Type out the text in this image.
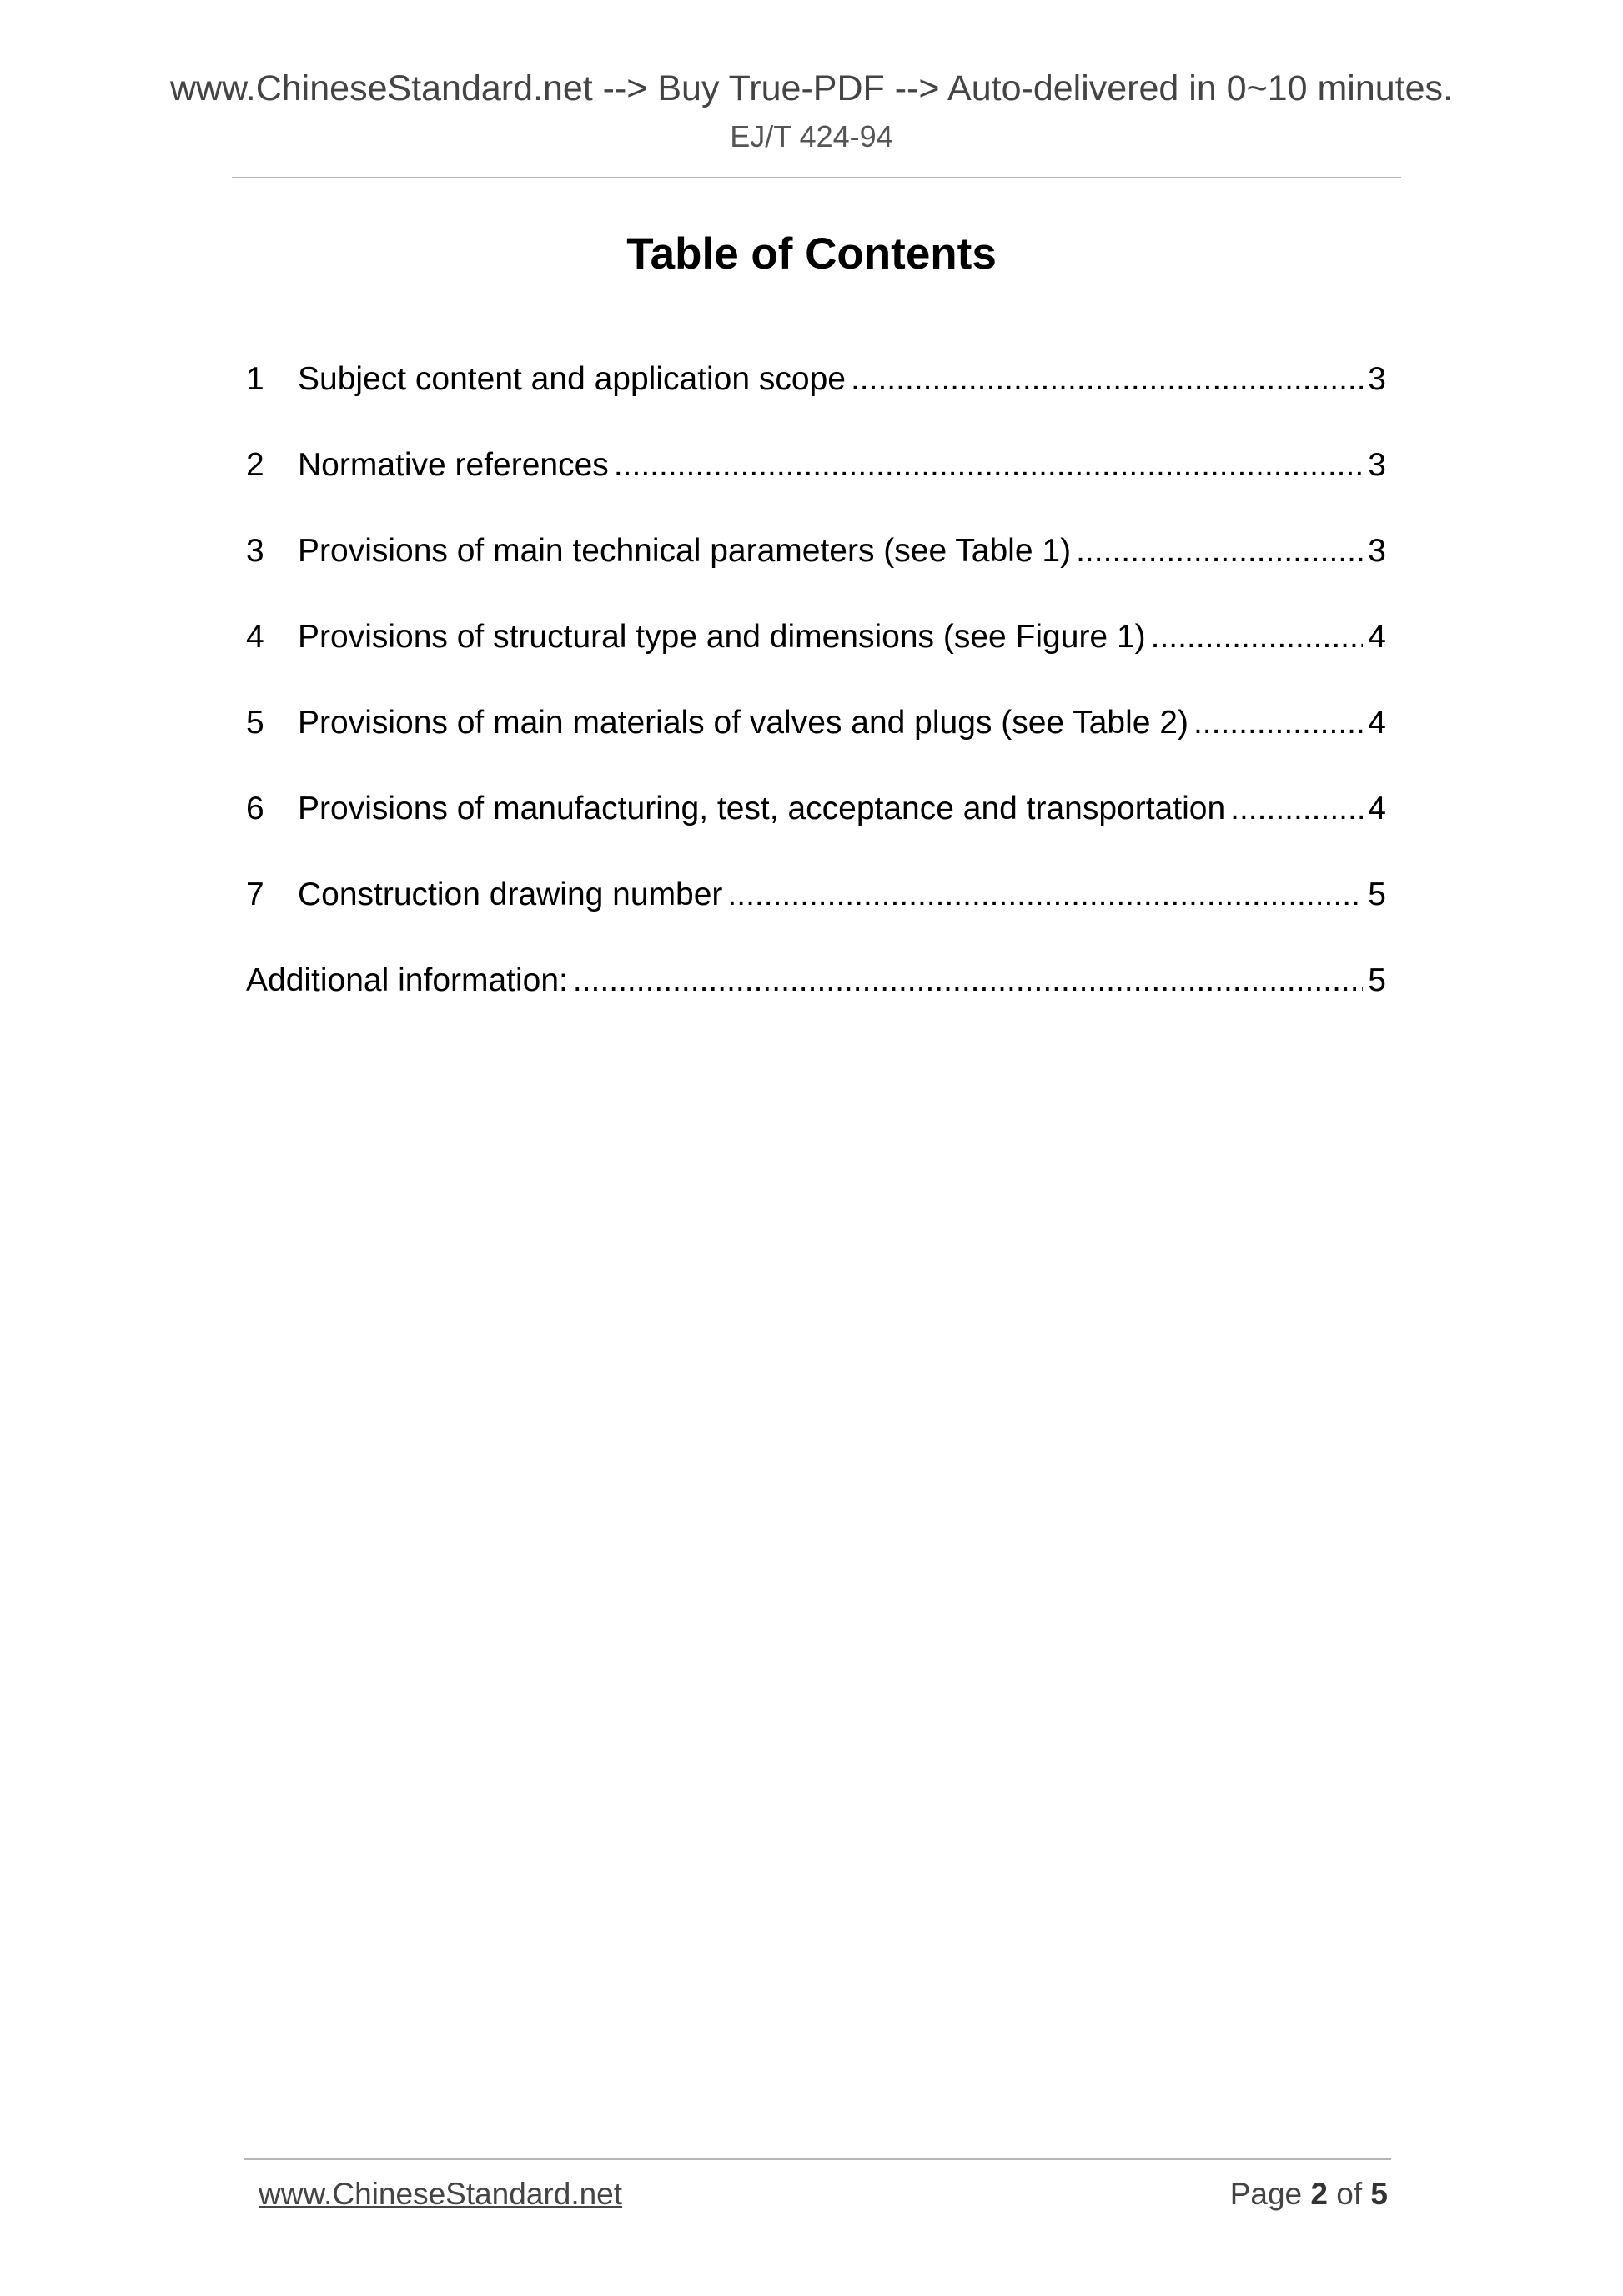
www.ChineseStandard.net --> Buy True-PDF --> Auto-delivered in 0~10 minutes.
EJ/T 424-94
Table of Contents
1	Subject content and application scope .....	3
2	Normative references .....	3
3	Provisions of main technical parameters (see Table 1) .....	3
4	Provisions of structural type and dimensions (see Figure 1) .....	4
5	Provisions of main materials of valves and plugs (see Table 2) .....	4
6	Provisions of manufacturing, test, acceptance and transportation .....	4
7	Construction drawing number .....	5
Additional information: .....	5
www.ChineseStandard.net	Page 2 of 5
